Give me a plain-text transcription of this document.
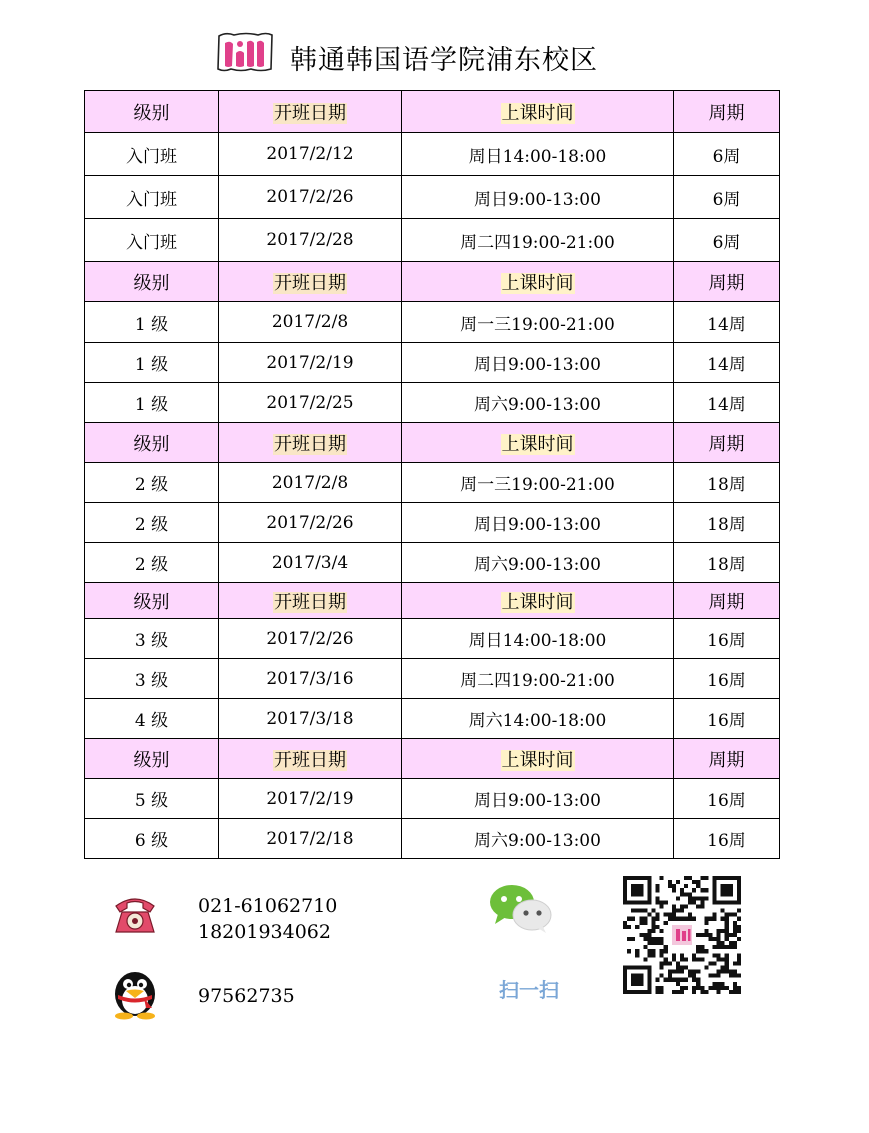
韩通韩国语学院浦东校区
级别	开班日期	上课时间	周期
入门班	2017/2/12	周日14:00-18:00	6周
入门班	2017/2/26	周日9:00-13:00	6周
入门班	2017/2/28	周二四19:00-21:00	6周
级别	开班日期	上课时间	周期
1 级	2017/2/8	周一三19:00-21:00	14周
1 级	2017/2/19	周日9:00-13:00	14周
1 级	2017/2/25	周六9:00-13:00	14周
级别	开班日期	上课时间	周期
2 级	2017/2/8	周一三19:00-21:00	18周
2 级	2017/2/26	周日9:00-13:00	18周
2 级	2017/3/4	周六9:00-13:00	18周
级别	开班日期	上课时间	周期
3 级	2017/2/26	周日14:00-18:00	16周
3 级	2017/3/16	周二四19:00-21:00	16周
4 级	2017/3/18	周六14:00-18:00	16周
级别	开班日期	上课时间	周期
5 级	2017/2/19	周日9:00-13:00	16周
6 级	2017/2/18	周六9:00-13:00	16周
021-61062710
18201934062
97562735	扫一扫
